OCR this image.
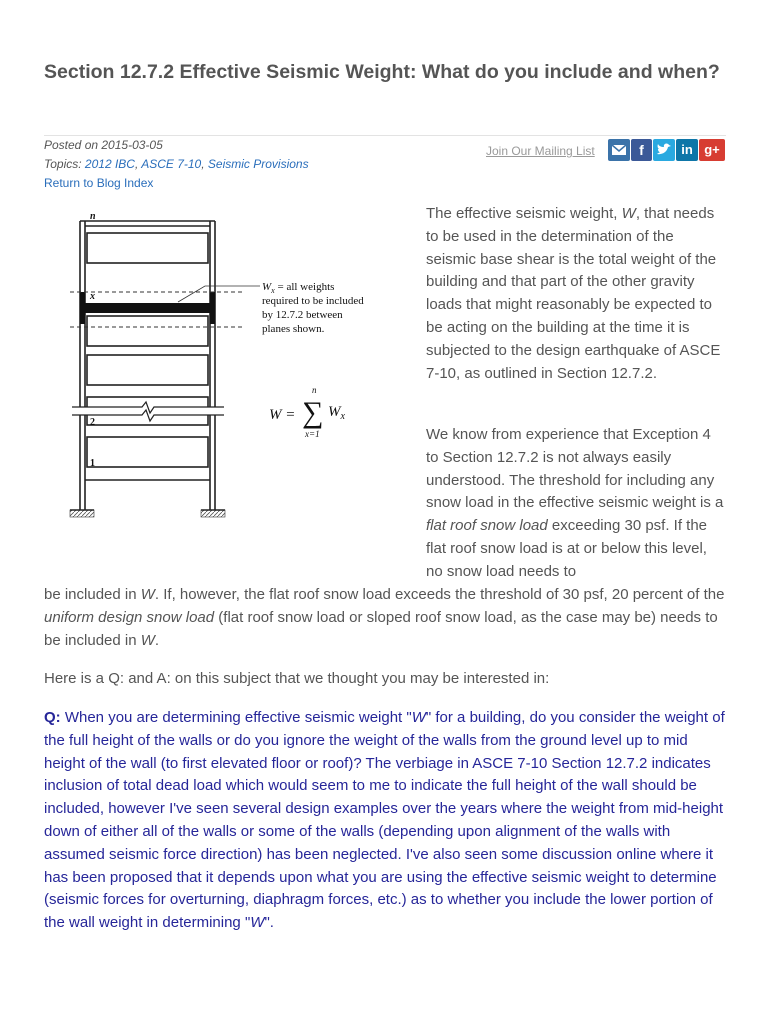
Section 12.7.2 Effective Seismic Weight: What do you include and when?
Posted on 2015-03-05
Topics: 2012 IBC, ASCE 7-10, Seismic Provisions
Return to Blog Index
Join Our Mailing List	f	in g+
n
x
2
1
$W_x$ = all weights
required to be included
by 12.7.2 between
planes shown.
W = ∑
n
x=1
$W_x$

The effective seismic weight, W, that needs to be used in the determination of the seismic base shear is the total weight of the building and that part of the other gravity loads that might reasonably be expected to be acting on the building at the time it is subjected to the design earthquake of ASCE 7-10, as outlined in Section 12.7.2.

We know from experience that Exception 4 to Section 12.7.2 is not always easily understood. The threshold for including any snow load in the effective seismic weight is a flat roof snow load exceeding 30 psf. If the flat roof snow load is at or below this level, no snow load needs to

be included in W. If, however, the flat roof snow load exceeds the threshold of 30 psf, 20 percent of the uniform design snow load (flat roof snow load or sloped roof snow load, as the case may be) needs to be included in W.

Here is a Q: and A: on this subject that we thought you may be interested in:

Q: When you are determining effective seismic weight "W" for a building, do you consider the weight of the full height of the walls or do you ignore the weight of the walls from the ground level up to mid height of the wall (to first elevated floor or roof)? The verbiage in ASCE 7-10 Section 12.7.2 indicates inclusion of total dead load which would seem to me to indicate the full height of the wall should be included, however I've seen several design examples over the years where the weight from mid-height down of either all of the walls or some of the walls (depending upon alignment of the walls with assumed seismic force direction) has been neglected. I've also seen some discussion online where it has been proposed that it depends upon what you are using the effective seismic weight to determine (seismic forces for overturning, diaphragm forces, etc.) as to whether you include the lower portion of the wall weight in determining "W".
